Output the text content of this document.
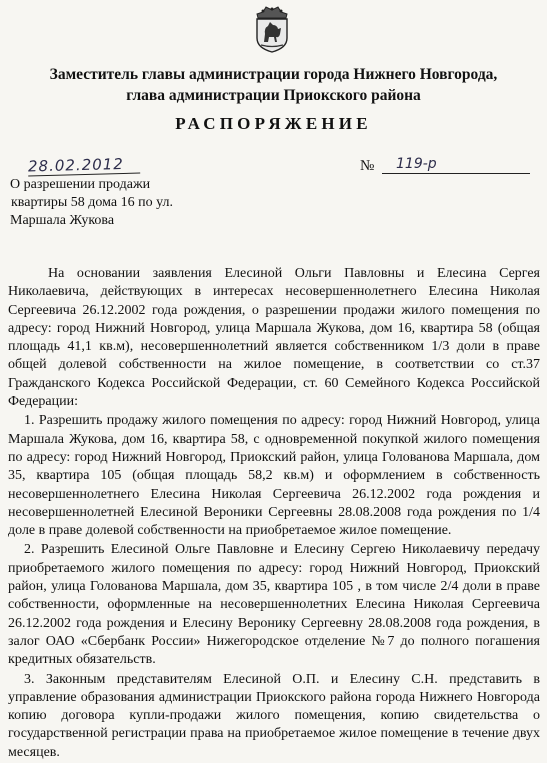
Заместитель главы администрации города Нижнего Новгорода,
глава администрации Приокского района
РАСПОРЯЖЕНИЕ
28.02.2012	№	119-р
О разрешении продажи
квартиры 58 дома 16 по ул.
Маршала Жукова

На основании заявления Елесиной Ольги Павловны и Елесина Сергея Николаевича, действующих в интересах несовершеннолетнего Елесина Николая Сергеевича 26.12.2002 года рождения, о разрешении продажи жилого помещения по адресу: город Нижний Новгород, улица Маршала Жукова, дом 16, квартира 58 (общая площадь 41,1 кв.м), несовершеннолетний является собственником 1/3 доли в праве общей долевой собственности на жилое помещение, в соответствии со ст.37 Гражданского Кодекса Российской Федерации, ст. 60 Семейного Кодекса Российской Федерации:

1. Разрешить продажу жилого помещения по адресу: город Нижний Новгород, улица Маршала Жукова, дом 16, квартира 58, с одновременной покупкой жилого помещения по адресу: город Нижний Новгород, Приокский район, улица Голованова Маршала, дом 35, квартира 105 (общая площадь 58,2 кв.м) и оформлением в собственность несовершеннолетнего Елесина Николая Сергеевича 26.12.2002 года рождения и несовершеннолетней Елесиной Вероники Сергеевны 28.08.2008 года рождения по 1/4 доле в праве долевой собственности на приобретаемое жилое помещение.

2. Разрешить Елесиной Ольге Павловне и Елесину Сергею Николаевичу передачу приобретаемого жилого помещения по адресу: город Нижний Новгород, Приокский район, улица Голованова Маршала, дом 35, квартира 105 , в том числе 2/4 доли в праве собственности, оформленные на несовершеннолетних Елесина Николая Сергеевича 26.12.2002 года рождения и Елесину Веронику Сергеевну 28.08.2008 года рождения, в залог ОАО «Сбербанк России» Нижегородское отделение №7 до полного погашения кредитных обязательств.

3. Законным представителям Елесиной О.П. и Елесину С.Н. представить в управление образования администрации Приокского района города Нижнего Новгорода копию договора купли-продажи жилого помещения, копию свидетельства о государственной регистрации права на приобретаемое жилое помещение в течение двух месяцев.
